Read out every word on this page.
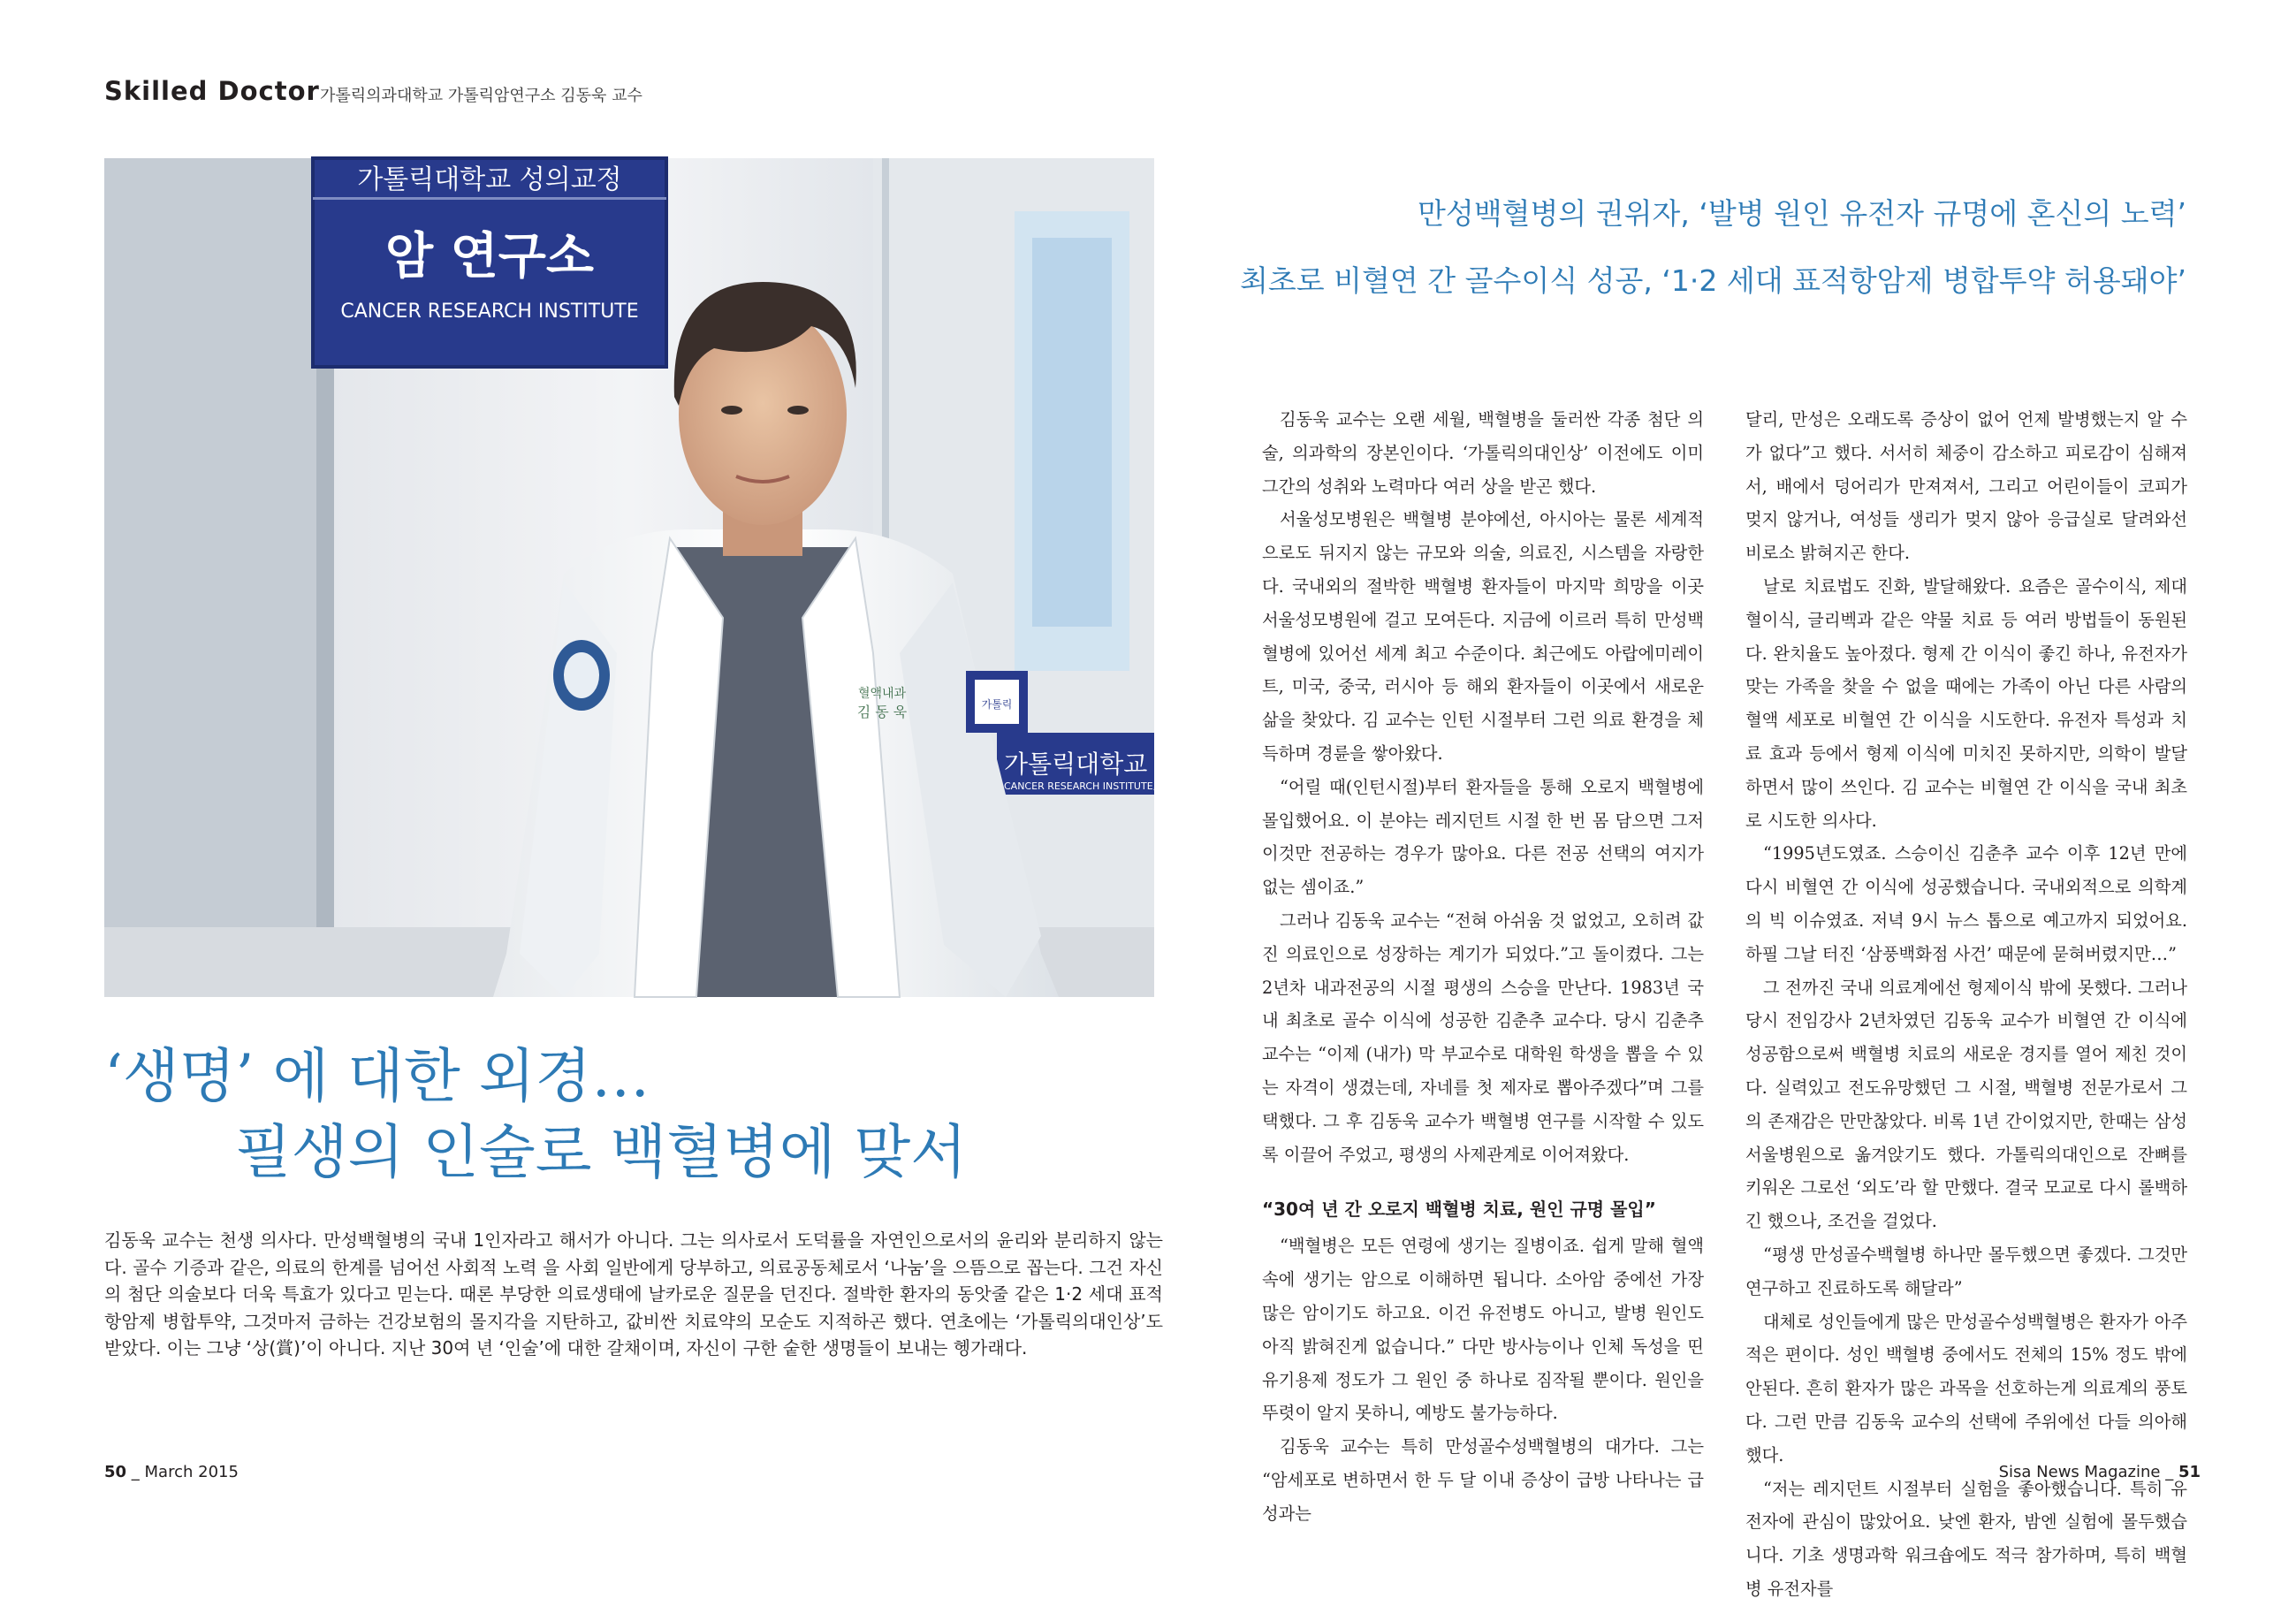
Skilled Doctor 가톨릭의과대학교 가톨릭암연구소 김동욱 교수
가톨릭대학교 성의교정
암 연구소
CANCER RESEARCH INSTITUTE
가톨릭대학교
CANCER RESEARCH INSTITUTE, TH
가톨릭
혈액내과
김 동 욱
‘생명’ 에 대한 외경…
필생의 인술로 백혈병에 맞서
김동욱 교수는 천생 의사다. 만성백혈병의 국내 1인자라고 해서가 아니다. 그는 의사로서 도덕률을 자연인으로서의 윤리와 분리하지 않는다. 골수 기증과 같은, 의료의 한계를 넘어선 사회적 노력 을 사회 일반에게 당부하고, 의료공동체로서 ‘나눔’을 으뜸으로 꼽는다. 그건 자신의 첨단 의술보다 더욱 특효가 있다고 믿는다. 때론 부당한 의료생태에 날카로운 질문을 던진다. 절박한 환자의 동앗줄 같은 1·2 세대 표적항암제 병합투약, 그것마저 금하는 건강보험의 몰지각을 지탄하고, 값비싼 치료약의 모순도 지적하곤 했다. 연초에는 ‘가톨릭의대인상’도 받았다. 이는 그냥 ‘상(賞)’이 아니다. 지난 30여 년 ‘인술’에 대한 갈채이며, 자신이 구한 숱한 생명들이 보내는 헹가래다.
만성백혈병의 권위자, ‘발병 원인 유전자 규명에 혼신의 노력’
최초로 비혈연 간 골수이식 성공, ‘1·2 세대 표적항암제 병합투약 허용돼야’

김동욱 교수는 오랜 세월, 백혈병을 둘러싼 각종 첨단 의술, 의과학의 장본인이다. ‘가톨릭의대인상’ 이전에도 이미 그간의 성취와 노력마다 여러 상을 받곤 했다.

서울성모병원은 백혈병 분야에선, 아시아는 물론 세계적으로도 뒤지지 않는 규모와 의술, 의료진, 시스템을 자랑한다. 국내외의 절박한 백혈병 환자들이 마지막 희망을 이곳 서울성모병원에 걸고 모여든다. 지금에 이르러 특히 만성백혈병에 있어선 세계 최고 수준이다. 최근에도 아랍에미레이트, 미국, 중국, 러시아 등 해외 환자들이 이곳에서 새로운 삶을 찾았다. 김 교수는 인턴 시절부터 그런 의료 환경을 체득하며 경륜을 쌓아왔다.

“어릴 때(인턴시절)부터 환자들을 통해 오로지 백혈병에 몰입했어요. 이 분야는 레지던트 시절 한 번 몸 담으면 그저 이것만 전공하는 경우가 많아요. 다른 전공 선택의 여지가 없는 셈이죠.”

그러나 김동욱 교수는 “전혀 아쉬움 것 없었고, 오히려 값진 의료인으로 성장하는 계기가 되었다.”고 돌이켰다. 그는 2년차 내과전공의 시절 평생의 스승을 만난다. 1983년 국내 최초로 골수 이식에 성공한 김춘추 교수다. 당시 김춘추 교수는 “이제 (내가) 막 부교수로 대학원 학생을 뽑을 수 있는 자격이 생겼는데, 자네를 첫 제자로 뽑아주겠다”며 그를 택했다. 그 후 김동욱 교수가 백혈병 연구를 시작할 수 있도록 이끌어 주었고, 평생의 사제관계로 이어져왔다.

“30여 년 간 오로지 백혈병 치료, 원인 규명 몰입”

“백혈병은 모든 연령에 생기는 질병이죠. 쉽게 말해 혈액 속에 생기는 암으로 이해하면 됩니다. 소아암 중에선 가장 많은 암이기도 하고요. 이건 유전병도 아니고, 발병 원인도 아직 밝혀진게 없습니다.” 다만 방사능이나 인체 독성을 띤 유기용제 정도가 그 원인 중 하나로 짐작될 뿐이다. 원인을 뚜렷이 알지 못하니, 예방도 불가능하다.

김동욱 교수는 특히 만성골수성백혈병의 대가다. 그는 “암세포로 변하면서 한 두 달 이내 증상이 급방 나타나는 급성과는

달리, 만성은 오래도록 증상이 없어 언제 발병했는지 알 수가 없다”고 했다. 서서히 체중이 감소하고 피로감이 심해져서, 배에서 덩어리가 만져져서, 그리고 어린이들이 코피가 멎지 않거나, 여성들 생리가 멎지 않아 응급실로 달려와선 비로소 밝혀지곤 한다.

날로 치료법도 진화, 발달해왔다. 요즘은 골수이식, 제대혈이식, 글리벡과 같은 약물 치료 등 여러 방법들이 동원된다. 완치율도 높아졌다. 형제 간 이식이 좋긴 하나, 유전자가 맞는 가족을 찾을 수 없을 때에는 가족이 아닌 다른 사람의 혈액 세포로 비혈연 간 이식을 시도한다. 유전자 특성과 치료 효과 등에서 형제 이식에 미치진 못하지만, 의학이 발달하면서 많이 쓰인다. 김 교수는 비혈연 간 이식을 국내 최초로 시도한 의사다.

“1995년도였죠. 스승이신 김춘추 교수 이후 12년 만에 다시 비혈연 간 이식에 성공했습니다. 국내외적으로 의학계의 빅 이슈였죠. 저녁 9시 뉴스 톱으로 예고까지 되었어요. 하필 그날 터진 ‘삼풍백화점 사건’ 때문에 묻혀버렸지만…”

그 전까진 국내 의료계에선 형제이식 밖에 못했다. 그러나 당시 전임강사 2년차였던 김동욱 교수가 비혈연 간 이식에 성공함으로써 백혈병 치료의 새로운 경지를 열어 제친 것이다. 실력있고 전도유망했던 그 시절, 백혈병 전문가로서 그의 존재감은 만만찮았다. 비록 1년 간이었지만, 한때는 삼성서울병원으로 옮겨앉기도 했다. 가톨릭의대인으로 잔뼈를 키워온 그로선 ‘외도’라 할 만했다. 결국 모교로 다시 롤백하긴 했으나, 조건을 걸었다.

“평생 만성골수백혈병 하나만 몰두했으면 좋겠다. 그것만 연구하고 진료하도록 해달라”

대체로 성인들에게 많은 만성골수성백혈병은 환자가 아주 적은 편이다. 성인 백혈병 중에서도 전체의 15% 정도 밖에 안된다. 흔히 환자가 많은 과목을 선호하는게 의료계의 풍토다. 그런 만큼 김동욱 교수의 선택에 주위에선 다들 의아해했다.

“저는 레지던트 시절부터 실험을 좋아했습니다. 특히 유전자에 관심이 많았어요. 낮엔 환자, 밤엔 실험에 몰두했습니다. 기초 생명과학 워크숍에도 적극 참가하며, 특히 백혈병 유전자를

50 _ March 2015	Sisa News Magazine _ 51
